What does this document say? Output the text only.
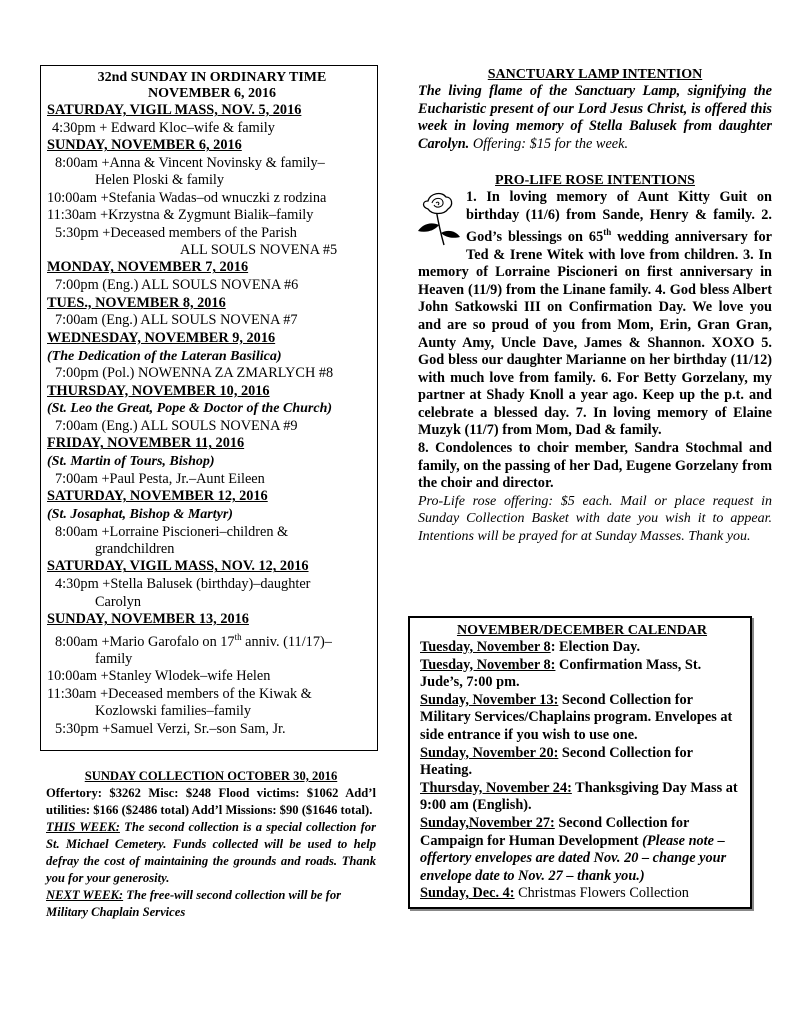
32nd SUNDAY IN ORDINARY TIME
NOVEMBER 6, 2016
SATURDAY, VIGIL MASS, NOV. 5, 2016
4:30pm + Edward Kloc–wife & family
SUNDAY, NOVEMBER 6, 2016
8:00am +Anna & Vincent Novinsky & family–
Helen Ploski & family
10:00am +Stefania Wadas–od wnuczki z rodzina
11:30am +Krzystna & Zygmunt Bialik–family
5:30pm +Deceased members of the Parish
ALL SOULS NOVENA #5
MONDAY, NOVEMBER 7, 2016
7:00pm (Eng.) ALL SOULS NOVENA #6
TUES., NOVEMBER 8, 2016
7:00am (Eng.) ALL SOULS NOVENA #7
WEDNESDAY, NOVEMBER 9, 2016
(The Dedication of the Lateran Basilica)
7:00pm (Pol.) NOWENNA ZA ZMARLYCH #8
THURSDAY, NOVEMBER 10, 2016
(St. Leo the Great, Pope & Doctor of the Church)
7:00am (Eng.) ALL SOULS NOVENA #9
FRIDAY, NOVEMBER 11, 2016
(St. Martin of Tours, Bishop)
7:00am +Paul Pesta, Jr.–Aunt Eileen
SATURDAY, NOVEMBER 12, 2016
(St. Josaphat, Bishop & Martyr)
8:00am +Lorraine Piscioneri–children &
grandchildren
SATURDAY, VIGIL MASS, NOV. 12, 2016
4:30pm +Stella Balusek (birthday)–daughter
Carolyn
SUNDAY, NOVEMBER 13, 2016
8:00am +Mario Garofalo on 17th anniv. (11/17)–
family
10:00am +Stanley Wlodek–wife Helen
11:30am +Deceased members of the Kiwak &
Kozlowski families–family
5:30pm +Samuel Verzi, Sr.–son Sam, Jr.
SUNDAY COLLECTION OCTOBER 30, 2016

Offertory: $3262 Misc: $248 Flood victims: $1062 Add’l utilities: $166 ($2486 total) Add’l Missions: $90 ($1646 total).

THIS WEEK: The second collection is a special collection for St. Michael Cemetery. Funds collected will be used to help defray the cost of maintaining the grounds and roads. Thank you for your generosity.

NEXT WEEK: The free-will second collection will be for Military Chaplain Services

SANCTUARY LAMP INTENTION

The living flame of the Sanctuary Lamp, signifying the Eucharistic present of our Lord Jesus Christ, is offered this week in loving memory of Stella Balusek from daughter Carolyn. Offering: $15 for the week.

PRO-LIFE ROSE INTENTIONS

1. In loving memory of Aunt Kitty Guit on birthday (11/6) from Sande, Henry & family. 2. God’s blessings on 65th wedding anniversary for Ted & Irene Witek with love from children. 3. In memory of Lorraine Piscioneri on first anniversary in Heaven (11/9) from the Linane family. 4. God bless Albert John Satkowski III on Confirmation Day. We love you and are so proud of you from Mom, Erin, Gran Gran, Aunty Amy, Uncle Dave, James & Shannon. XOXO 5. God bless our daughter Marianne on her birthday (11/12) with much love from family. 6. For Betty Gorzelany, my partner at Shady Knoll a year ago. Keep up the p.t. and celebrate a blessed day. 7. In loving memory of Elaine Muzyk (11/7) from Mom, Dad & family.

8. Condolences to choir member, Sandra Stochmal and family, on the passing of her Dad, Eugene Gorzelany from the choir and director.

Pro-Life rose offering: $5 each. Mail or place request in Sunday Collection Basket with date you wish it to appear. Intentions will be prayed for at Sunday Masses. Thank you.

NOVEMBER/DECEMBER CALENDAR

Tuesday, November 8: Election Day.

Tuesday, November 8: Confirmation Mass, St. Jude’s, 7:00 pm.

Sunday, November 13: Second Collection for Military Services/Chaplains program. Envelopes at side entrance if you wish to use one.

Sunday, November 20: Second Collection for Heating.

Thursday, November 24: Thanksgiving Day Mass at 9:00 am (English).

Sunday,November 27: Second Collection for Campaign for Human Development (Please note – offertory envelopes are dated Nov. 20 – change your envelope date to Nov. 27 – thank you.)

Sunday, Dec. 4: Christmas Flowers Collection
